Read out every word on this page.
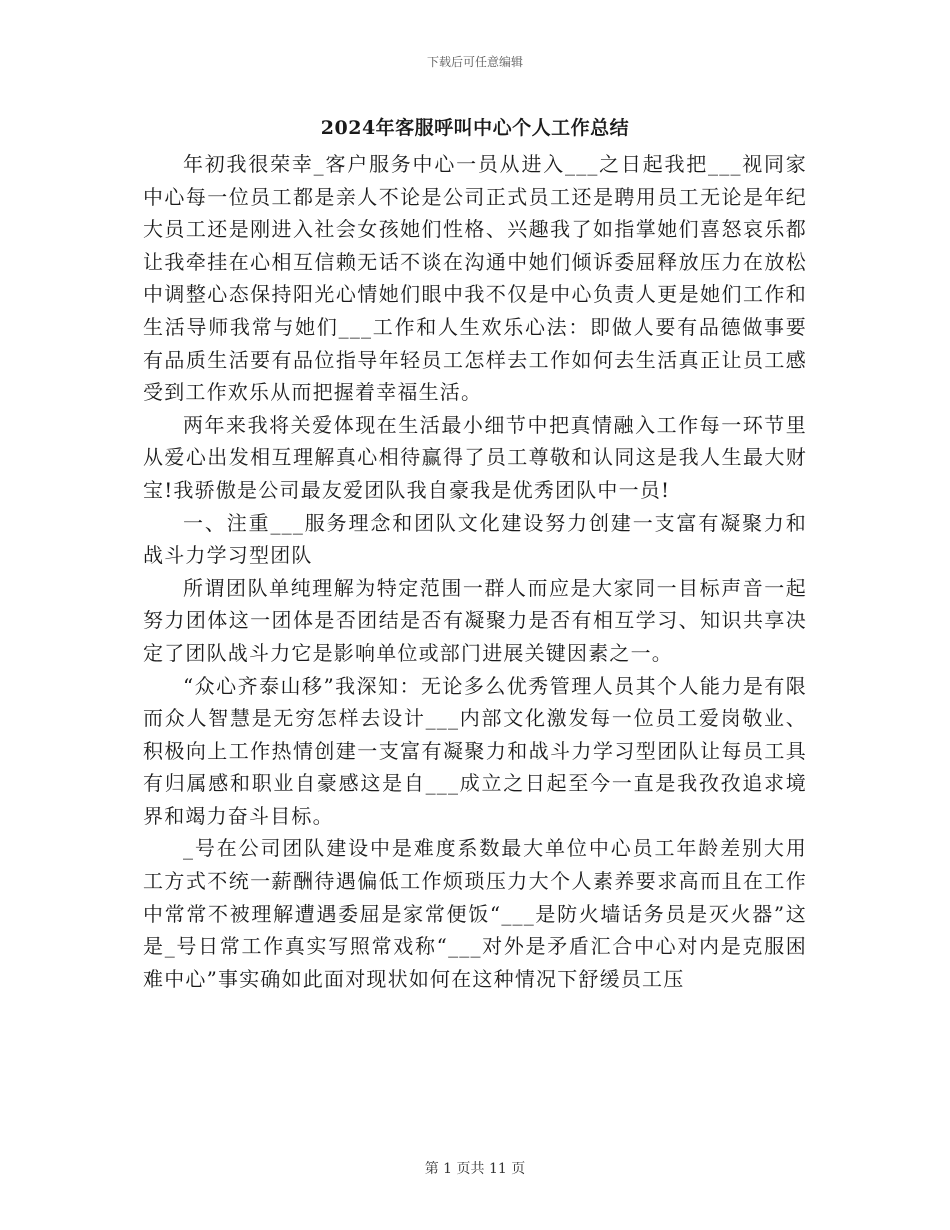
下载后可任意编辑
2024年客服呼叫中心个人工作总结

年初我很荣幸_客户服务中心一员从进入___之日起我把___视同家中心每一位员工都是亲人不论是公司正式员工还是聘用员工无论是年纪大员工还是刚进入社会女孩她们性格、兴趣我了如指掌她们喜怒哀乐都让我牵挂在心相互信赖无话不谈在沟通中她们倾诉委屈释放压力在放松中调整心态保持阳光心情她们眼中我不仅是中心负责人更是她们工作和生活导师我常与她们___工作和人生欢乐心法：即做人要有品德做事要有品质生活要有品位指导年轻员工怎样去工作如何去生活真正让员工感受到工作欢乐从而把握着幸福生活。

两年来我将关爱体现在生活最小细节中把真情融入工作每一环节里从爱心出发相互理解真心相待赢得了员工尊敬和认同这是我人生最大财宝!我骄傲是公司最友爱团队我自豪我是优秀团队中一员!

一、注重___服务理念和团队文化建设努力创建一支富有凝聚力和战斗力学习型团队

所谓团队单纯理解为特定范围一群人而应是大家同一目标声音一起努力团体这一团体是否团结是否有凝聚力是否有相互学习、知识共享决定了团队战斗力它是影响单位或部门进展关键因素之一。

“众心齐泰山移”我深知：无论多么优秀管理人员其个人能力是有限而众人智慧是无穷怎样去设计___内部文化激发每一位员工爱岗敬业、积极向上工作热情创建一支富有凝聚力和战斗力学习型团队让每员工具有归属感和职业自豪感这是自___成立之日起至今一直是我孜孜追求境界和竭力奋斗目标。

_号在公司团队建设中是难度系数最大单位中心员工年龄差别大用工方式不统一薪酬待遇偏低工作烦琐压力大个人素养要求高而且在工作中常常不被理解遭遇委屈是家常便饭“___是防火墙话务员是灭火器”这是_号日常工作真实写照常戏称“___对外是矛盾汇合中心对内是克服困难中心”事实确如此面对现状如何在这种情况下舒缓员工压

第 1 页共 11 页
